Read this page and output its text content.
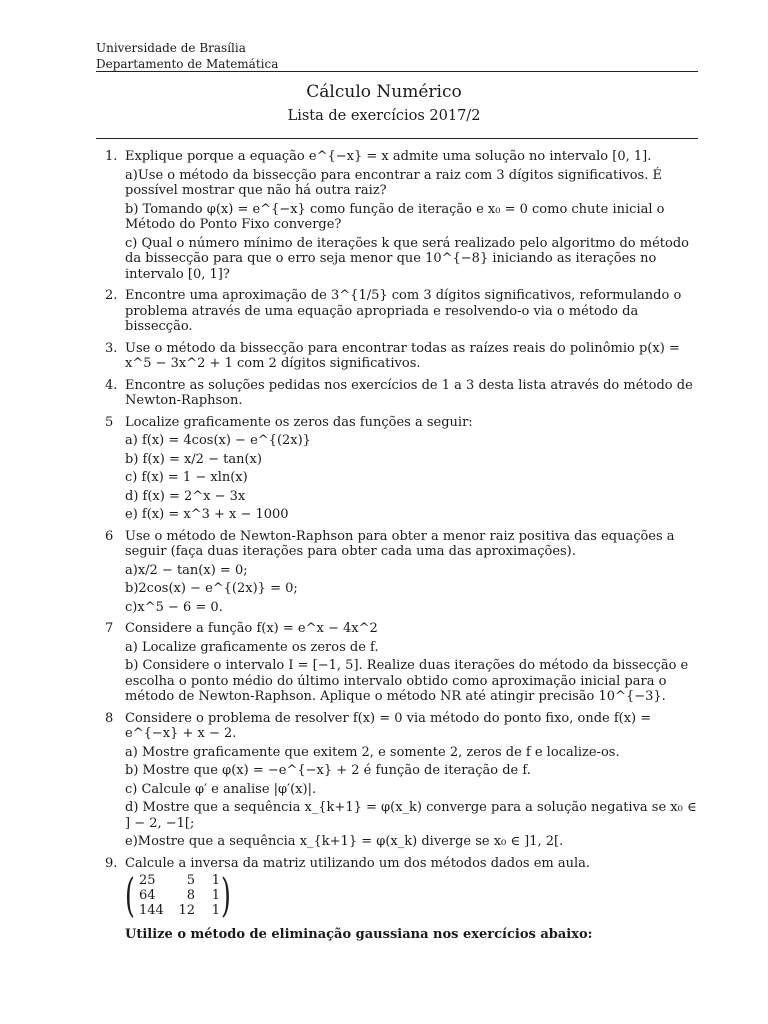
Universidade de Brasília
Departamento de Matemática
Cálculo Numérico
Lista de exercícios 2017/2
1. Explique porque a equação e^{−x} = x admite uma solução no intervalo [0, 1].
a)Use o método da bissecção para encontrar a raiz com 3 dígitos significativos. É possível mostrar que não há outra raiz?
b) Tomando φ(x) = e^{−x} como função de iteração e x₀ = 0 como chute inicial o Método do Ponto Fixo converge?
c) Qual o número mínimo de iterações k que será realizado pelo algoritmo do método da bissecção para que o erro seja menor que 10^{−8} iniciando as iterações no intervalo [0, 1]?
2. Encontre uma aproximação de 3^{1/5} com 3 dígitos significativos, reformulando o problema através de uma equação apropriada e resolvendo-o via o método da bissecção.
3. Use o método da bissecção para encontrar todas as raízes reais do polinômio p(x) = x^5 − 3x^2 + 1 com 2 dígitos significativos.
4. Encontre as soluções pedidas nos exercícios de 1 a 3 desta lista através do método de Newton-Raphson.
5 Localize graficamente os zeros das funções a seguir:
a) f(x) = 4cos(x) − e^{(2x)}
b) f(x) = x/2 − tan(x)
c) f(x) = 1 − xln(x)
d) f(x) = 2^x − 3x
e) f(x) = x^3 + x − 1000
6 Use o método de Newton-Raphson para obter a menor raiz positiva das equações a seguir (faça duas iterações para obter cada uma das aproximações).
a)x/2 − tan(x) = 0;
b)2cos(x) − e^{(2x)} = 0;
c)x^5 − 6 = 0.
7 Considere a função f(x) = e^x − 4x^2
a) Localize graficamente os zeros de f.
b) Considere o intervalo I = [−1, 5]. Realize duas iterações do método da bissecção e escolha o ponto médio do último intervalo obtido como aproximação inicial para o método de Newton-Raphson. Aplique o método NR até atingir precisão 10^{−3}.
8 Considere o problema de resolver f(x) = 0 via método do ponto fixo, onde f(x) = e^{−x} + x − 2.
a) Mostre graficamente que exitem 2, e somente 2, zeros de f e localize-os.
b) Mostre que φ(x) = −e^{−x} + 2 é função de iteração de f.
c) Calcule φ′ e analise |φ′(x)|.
d) Mostre que a sequência x_{k+1} = φ(x_k) converge para a solução negativa se x₀ ∈ ] − 2, −1[;
e)Mostre que a sequência x_{k+1} = φ(x_k) diverge se x₀ ∈ ]1, 2[.
9. Calcule a inversa da matriz utilizando um dos métodos dados em aula.
( )
25	5	1
64	8	1
144	12	1
Utilize o método de eliminação gaussiana nos exercícios abaixo:
